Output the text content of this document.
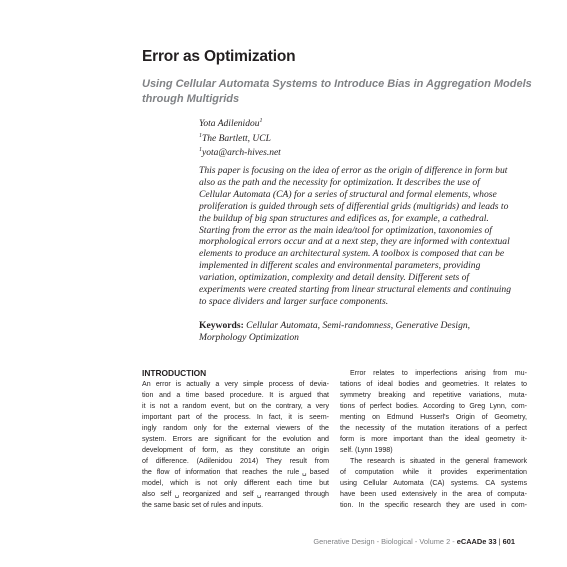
Error as Optimization
Using Cellular Automata Systems to Introduce Bias in Aggregation Models through Multigrids
Yota Adilenidou$^1$
$^1$The Bartlett, UCL
$^1$yota@arch-hives.net
This paper is focusing on the idea of error as the origin of difference in form but
also as the path and the necessity for optimization. It describes the use of
Cellular Automata (CA) for a series of structural and formal elements, whose
proliferation is guided through sets of differential grids (multigrids) and leads to
the buildup of big span structures and edifices as, for example, a cathedral.
Starting from the error as the main idea/tool for optimization, taxonomies of
morphological errors occur and at a next step, they are informed with contextual
elements to produce an architectural system. A toolbox is composed that can be
implemented in different scales and environmental parameters, providing
variation, optimization, complexity and detail density. Different sets of
experiments were created starting from linear structural elements and continuing
to space dividers and larger surface components.
Keywords: Cellular Automata, Semi-randomness, Generative Design,
Morphology Optimization
INTRODUCTION
An error is actually a very simple process of devia-
tion and a time based procedure. It is argued that
it is not a random event, but on the contrary, a very
important part of the process. In fact, it is seem-
ingly random only for the external viewers of the
system. Errors are significant for the evolution and
development of form, as they constitute an origin
of difference. (Adilenidou 2014) They result from
the flow of information that reaches the rule␣based
model, which is not only different each time but
also self␣reorganized and self␣rearranged through
the same basic set of rules and inputs.
Error relates to imperfections arising from mu-
tations of ideal bodies and geometries. It relates to
symmetry breaking and repetitive variations, muta-
tions of perfect bodies. According to Greg Lynn, com-
menting on Edmund Husserl's Origin of Geometry,
the necessity of the mutation iterations of a perfect
form is more important than the ideal geometry it-
self. (Lynn 1998)
The research is situated in the general framework
of computation while it provides experimentation
using Cellular Automata (CA) systems. CA systems
have been used extensively in the area of computa-
tion. In the specific research they are used in com-
Generative Design - Biological - Volume 2 - eCAADe 33 | 601
